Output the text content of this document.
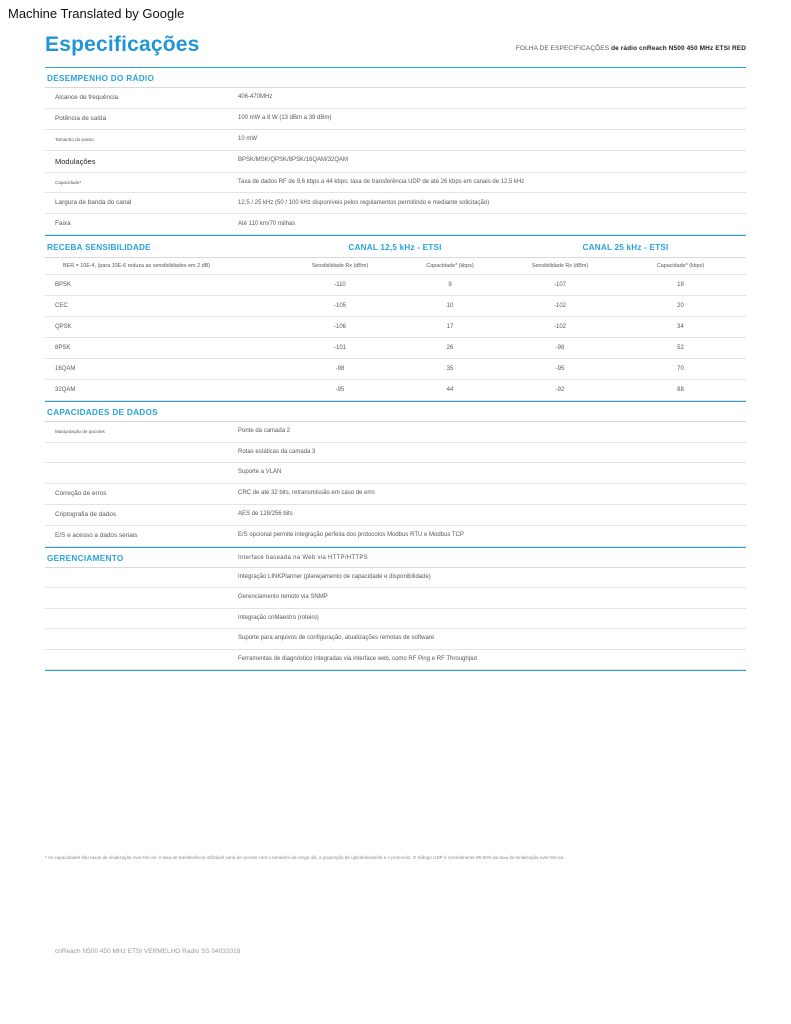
Machine Translated by Google
Especificações	FOLHA DE ESPECIFICAÇÕES de rádio cnReach N500 450 MHz ETSI RED
DESEMPENHO DO RÁDIO	
Alcance de frequência	406-470MHz
Potência de saída	100 mW a 8 W (13 dBm a 39 dBm)
Tamanho do passo	10 mW
Modulações	BPSK/MSK/QPSK/8PSK/16QAM/32QAM
Capacidade*	Taxa de dados RF de 9,6 kbps a 44 kbps; taxa de transferência UDP de até 26 kbps em canais de 12,5 kHz
Largura de banda do canal	12,5 / 25 kHz (50 / 100 kHz disponíveis pelos regulamentos permitindo e mediante solicitação)
Faixa	Até 110 km/70 milhas
RECEBA SENSIBILIDADE	CANAL 12,5 kHz - ETSI		CANAL 25 kHz - ETSI	
BER = 10E-4, (para 10E-6 reduza as sensibilidades em 2 dB)	Sensibilidade Rx (dBm)	Capacidade* (kbps)	Sensibilidade Rx (dBm)	Capacidade* (kbps)
BPSK	-110	9	-107	18
CEC	-105	10	-102	20
QPSK	-106	17	-102	34
8PSK	-101	26	-98	52
16QAM	-98	35	-95	70
32QAM	-95	44	-92	88
CAPACIDADES DE DADOS	
Manipulação de pacotes	Ponte da camada 2
	Rotas estáticas da camada 3
	Suporte a VLAN
Correção de erros	CRC de até 32 bits, retransmissão em caso de erro
Criptografia de dados	AES de 128/256 bits
E/S e acesso a dados seriais	E/S opcional permite integração perfeita dos protocolos Modbus RTU e Modbus TCP
GERENCIAMENTO	Interface baseada na Web via HTTP/HTTPS
	Integração LINKPlanner (planejamento de capacidade e disponibilidade)
	Gerenciamento remoto via SNMP
	Integração cnMaestro (roteiro)
	Suporte para arquivos de configuração, atualizações remotas de software
	Ferramentas de diagnóstico integradas via interface web, como RF Ping e RF Throughput
* As capacidades são taxas de sinalização over-the-air. A taxa de transferência utilizável varia de acordo com o tamanho da carga útil, a proporção de uplink/downlink e o protocolo. O tráfego UDP é normalmente 95-60% da taxa de sinalização over-the-air.
cnReach N500 450 MHz ETSI VERMELHO Radio SS 04032018
